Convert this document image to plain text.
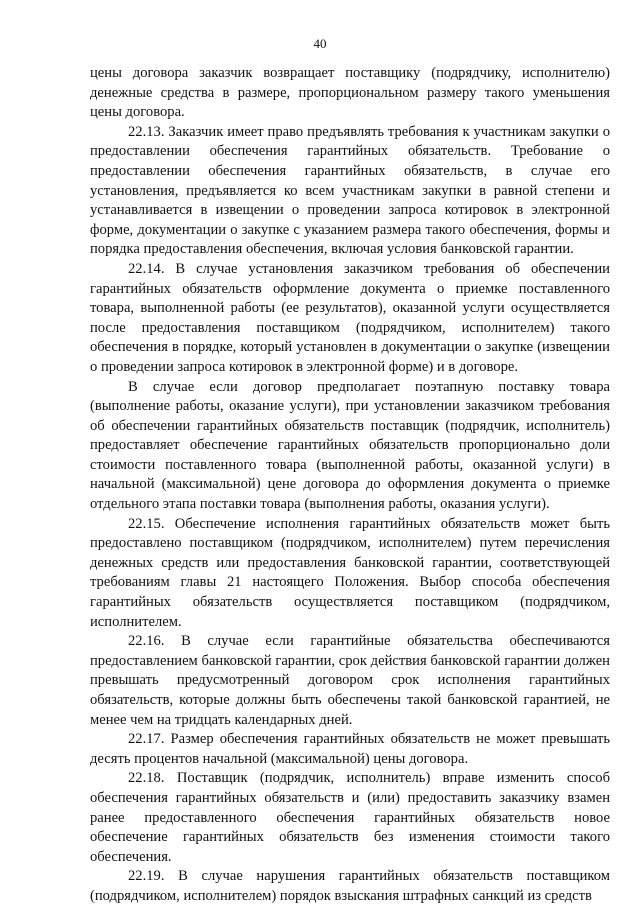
40

цены договора заказчик возвращает поставщику (подрядчику, исполнителю) денежные средства в размере, пропорциональном размеру такого уменьшения цены договора.

22.13. Заказчик имеет право предъявлять требования к участникам закупки о предоставлении обеспечения гарантийных обязательств. Требование о предоставлении обеспечения гарантийных обязательств, в случае его установления, предъявляется ко всем участникам закупки в равной степени и устанавливается в извещении о проведении запроса котировок в электронной форме, документации о закупке с указанием размера такого обеспечения, формы и порядка предоставления обеспечения, включая условия банковской гарантии.

22.14. В случае установления заказчиком требования об обеспечении гарантийных обязательств оформление документа о приемке поставленного товара, выполненной работы (ее результатов), оказанной услуги осуществляется после предоставления поставщиком (подрядчиком, исполнителем) такого обеспечения в порядке, который установлен в документации о закупке (извещении о проведении запроса котировок в электронной форме) и в договоре.

В случае если договор предполагает поэтапную поставку товара (выполнение работы, оказание услуги), при установлении заказчиком требования об обеспечении гарантийных обязательств поставщик (подрядчик, исполнитель) предоставляет обеспечение гарантийных обязательств пропорционально доли стоимости поставленного товара (выполненной работы, оказанной услуги) в начальной (максимальной) цене договора до оформления документа о приемке отдельного этапа поставки товара (выполнения работы, оказания услуги).

22.15. Обеспечение исполнения гарантийных обязательств может быть предоставлено поставщиком (подрядчиком, исполнителем) путем перечисления денежных средств или предоставления банковской гарантии, соответствующей требованиям главы 21 настоящего Положения. Выбор способа обеспечения гарантийных обязательств осуществляется поставщиком (подрядчиком, исполнителем.

22.16. В случае если гарантийные обязательства обеспечиваются предоставлением банковской гарантии, срок действия банковской гарантии должен превышать предусмотренный договором срок исполнения гарантийных обязательств, которые должны быть обеспечены такой банковской гарантией, не менее чем на тридцать календарных дней.

22.17. Размер обеспечения гарантийных обязательств не может превышать десять процентов начальной (максимальной) цены договора.

22.18. Поставщик (подрядчик, исполнитель) вправе изменить способ обеспечения гарантийных обязательств и (или) предоставить заказчику взамен ранее предоставленного обеспечения гарантийных обязательств новое обеспечение гарантийных обязательств без изменения стоимости такого обеспечения.

22.19. В случае нарушения гарантийных обязательств поставщиком (подрядчиком, исполнителем) порядок взыскания штрафных санкций из средств
